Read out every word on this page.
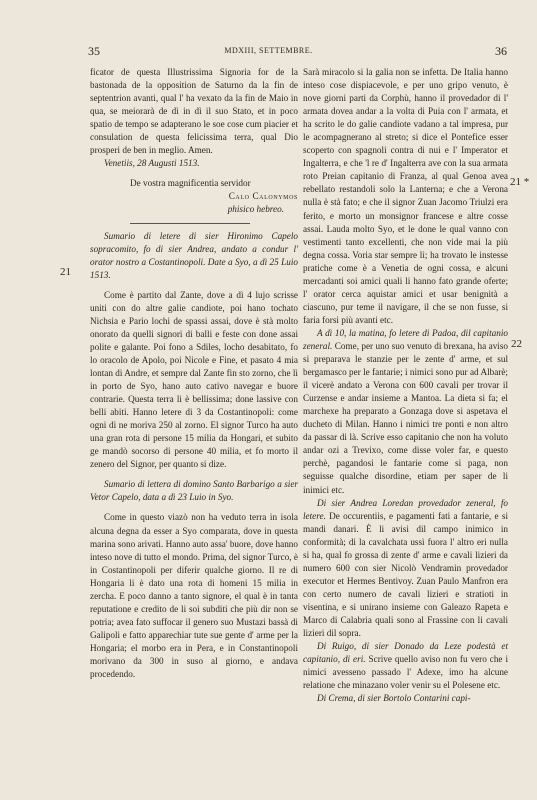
35	MDXIII, SETTEMBRE.	36
21
21 *
22

ficator de questa Illustrissima Signoria for de la bastonada de la opposition de Saturno da la fin de septentrion avanti, qual l' ha vexato da la fin de Maio in qua, se meiorarà de dì in dì il suo Stato, et in poco spatio de tempo se adapterano le soe cose cum piacier et consulation de questa felicissima terra, qual Dio prosperi de ben in meglio. Amen.

Venetiis, 28 Augusti 1513.

De vostra magnificentia servidor

Calo Calonymos

phisico hebreo.

Sumario di letere di sier Hironimo Capelo sopracomito, fo di sier Andrea, andato a condur l' orator nostro a Costantinopoli. Date a Syo, a dì 25 Luio 1513.

Come è partito dal Zante, dove a dì 4 lujo scrisse uniti con do altre galie candiote, poi hano tochato Nichsia e Pario lochi de spassi assai, dove è stà molto onorato da quelli signori di balli e feste con done assai polite e galante. Poi fono a Sdiles, locho desabitato, fo lo oracolo de Apolo, poi Nicole e Fine, et pasato 4 mia lontan di Andre, et sempre dal Zante fin sto zorno, che lì in porto de Syo, hano auto cativo navegar e buore contrarie. Questa terra li è bellissima; done lassive con belli abiti. Hanno letere di 3 da Costantinopoli: come ogni dì ne moriva 250 al zorno. El signor Turco ha auto una gran rota di persone 15 milia da Hongari, et subito ge mandò socorso di persone 40 milia, et fo morto il zenero del Signor, per quanto si dize.

Sumario di lettera di domino Santo Barbarigo a sier Vetor Capelo, data a dì 23 Luio in Syo.

Come in questo viazò non ha veduto terra in isola alcuna degna da esser a Syo comparata, dove in questa marina sono arivati. Hanno auto assa' buore, dove hanno inteso nove di tutto el mondo. Prima, del signor Turco, è in Costantinopoli per diferir qualche giorno. Il re di Hongaria li è dato una rota di homeni 15 milia in zercha. E poco danno a tanto signore, el qual è in tanta reputatione e credito de li soi subditi che più dir non se potria; avea fato suffocar il genero suo Mustazi bassà di Galipoli e fatto apparechiar tute sue gente d' arme per la Hongaria; el morbo era in Pera, e in Constantinopoli morivano da 300 in suso al giorno, e andava procedendo.

Sarà miracolo si la galia non se infetta. De Italia hanno inteso cose dispiacevole, e per uno gripo venuto, è nove giorni parti da Corphù, hanno il provedador di l' armata dovea andar a la volta di Puia con l' armata, et ha scrito le do galie candiote vadano a tal impresa, pur le acompagnerano al streto; si dice el Pontefice esser scoperto con spagnoli contra di nui e l' Imperator et Ingalterra, e che 'l re d' Ingalterra ave con la sua armata roto Preian capitanio di Franza, al qual Genoa avea rebellato restandoli solo la Lanterna; e che a Verona nulla è stà fato; e che il signor Zuan Jacomo Triulzi era ferito, e morto un monsignor francese e altre cosse assai. Lauda molto Syo, et le done le qual vanno con vestimenti tanto excellenti, che non vide mai la più degna cossa. Voria star sempre lì; ha trovato le instesse pratiche come è a Venetia de ogni cossa, e alcuni mercadanti soi amici quali li hanno fato grande oferte; l' orator cerca aquistar amici et usar benignità a ciascuno, pur teme il navigare, il che se non fusse, si faria forsi più avanti etc.

A dì 10, la matina, fo letere di Padoa, dil capitanio zeneral. Come, per uno suo venuto di brexana, ha aviso si preparava le stanzie per le zente d' arme, et sul bergamasco per le fantarie; i nimici sono pur ad Albarè; il vicerè andato a Verona con 600 cavali per trovar il Curzense e andar insieme a Mantoa. La dieta si fa; el marchexe ha preparato a Gonzaga dove si aspetava el ducheto di Milan. Hanno i nimici tre ponti e non altro da passar di là. Scrive esso capitanio che non ha voluto andar ozi a Trevixo, come disse voler far, e questo perchè, pagandosi le fantarie come si paga, non seguisse qualche disordine, etiam per saper de li inimici etc.

Di sier Andrea Loredan provedador zeneral, fo letere. De occurentiis, e pagamenti fati a fantarie, e si mandi danari. È li avisi dil campo inimico in conformità; di la cavalchata ussì fuora l' altro eri nulla si ha, qual fo grossa di zente d' arme e cavali lizieri da numero 600 con sier Nicolò Vendramin provedador executor et Hermes Bentivoy. Zuan Paulo Manfron era con certo numero de cavali lizieri e stratioti in visentina, e si unirano insieme con Galeazo Rapeta e Marco di Calabria quali sono al Frassine con li cavali lizieri dil sopra.

Di Ruigo, di sier Donado da Leze podestà et capitanio, di eri. Scrive quello aviso non fu vero che i nimici avesseno passado l' Adexe, imo ha alcune relatione che minazano voler venir su el Polesene etc.

Di Crema, di sier Bortolo Contarini capi-
